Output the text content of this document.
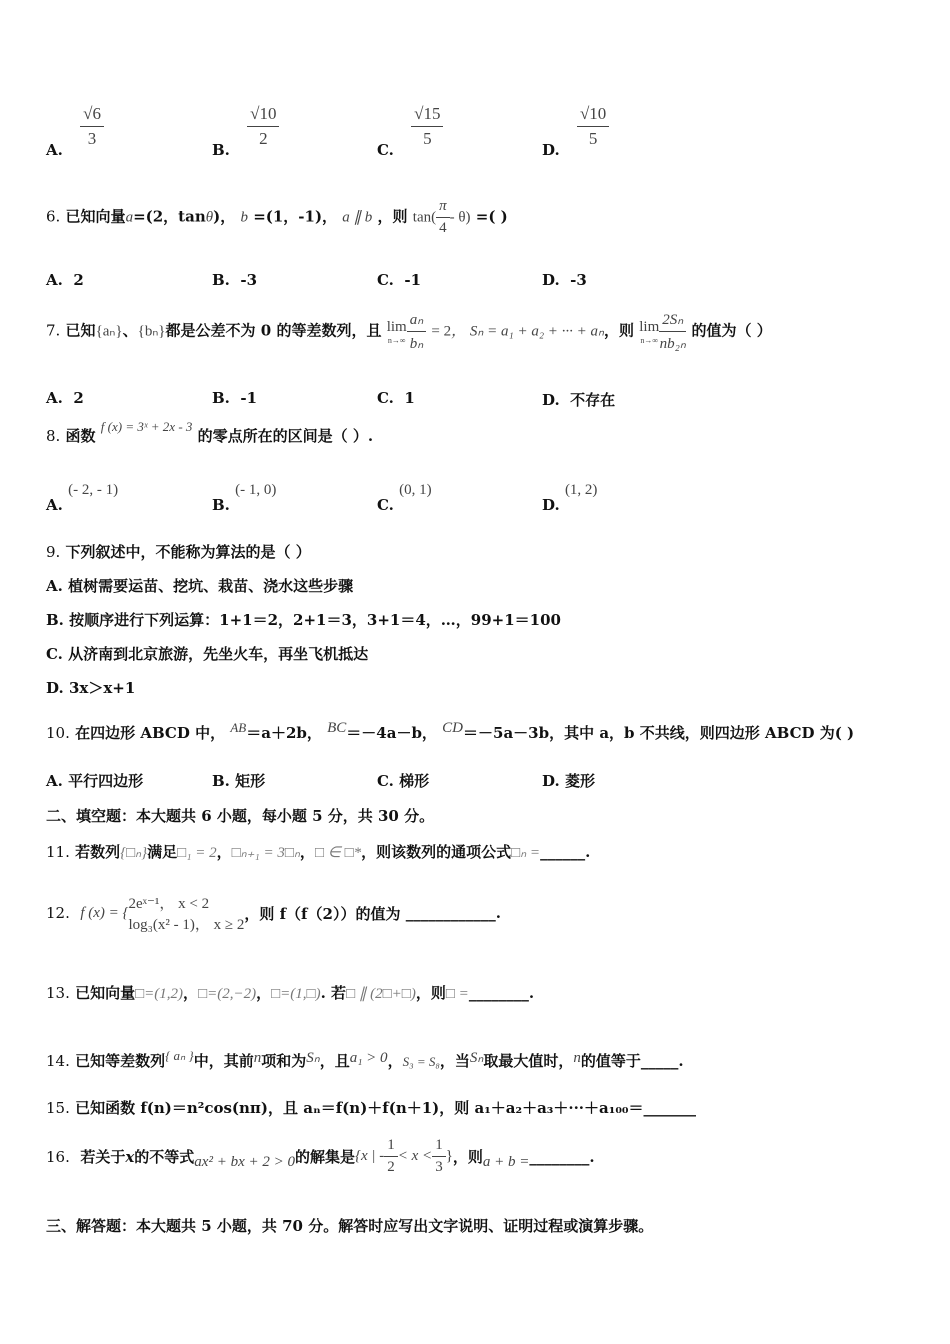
A.
$\frac{√6}{3}$
B.
$\frac{√10}{2}$
C.
$\frac{√15}{5}$
D.
$\frac{√10}{5}$
6. 已知向量a=(2，tanθ)， b =(1，-1)， a ∥ b ，则 $\tan( \frac{\pi}{4} - \theta)$ =( )
A. 2	B. -3	C. -1	D. -3
7. 已知{aₙ}、{bₙ}都是公差不为 0 的等差数列，且 lim
$n\to\infty \frac{\text{aₙ}}{\text{bₙ}} = 2$， Sₙ = a₁ + a₂ + ··· + aₙ，则 lim
$n\to\infty \frac{\text{2Sₙ}}{\text{nb₂ₙ}}$ 的值为（ ）
A. 2	B. -1	C. 1	D. 不存在
8. 函数 f (x) = 3ˣ + 2x - 3 的零点所在的区间是（ ）.
A. (- 2, - 1)
B. (- 1, 0)
C. (0, 1)
D. (1, 2)
9. 下列叙述中，不能称为算法的是（ ）
A. 植树需要运苗、挖坑、栽苗、浇水这些步骤
B. 按顺序进行下列运算：1+1＝2，2+1＝3，3+1＝4，…，99+1＝100
C. 从济南到北京旅游，先坐火车，再坐飞机抵达
D. 3x＞x+1
10. 在四边形 ABCD 中， AB＝a＋2b， BC＝－4a－b， CD＝－5a－3b，其中 a，b 不共线，则四边形 ABCD 为( )
A. 平行四边形	B. 矩形	C. 梯形	D. 菱形
二、填空题：本大题共 6 小题，每小题 5 分，共 30 分。
11. 若数列{□ₙ}满足□₁ = 2，□ₙ₊₁ = 3□ₙ，□ ∈ □*，则该数列的通项公式□ₙ =______.
12.
f (x) = {
2eˣ⁻¹， x < 2
log₃(x² - 1)， x ≥ 2
，则 f（f（2））的值为
____________.
13. 已知向量□=(1,2)，□=(2,−2)，□=(1,□). 若□ ∥ (2□+□)，则□ =________.
14. 已知等差数列{ aₙ }中，其前n项和为Sₙ，且a₁ > 0，S₃ = S₈，当Sₙ取最大值时，n的值等于_____.
15. 已知函数 f(n)＝n²cos(nπ)，且 aₙ＝f(n)＋f(n＋1)，则 a₁＋a₂＋a₃＋···＋a₁₀₀＝_______
16.
若关于 x 的不等式 ax² + bx + 2 > 0 的解集是 {x | - $\frac{1}{2} < x < \frac{1}{3}$ } ，则 a + b = ________.
三、解答题：本大题共 5 小题，共 70 分。解答时应写出文字说明、证明过程或演算步骤。
